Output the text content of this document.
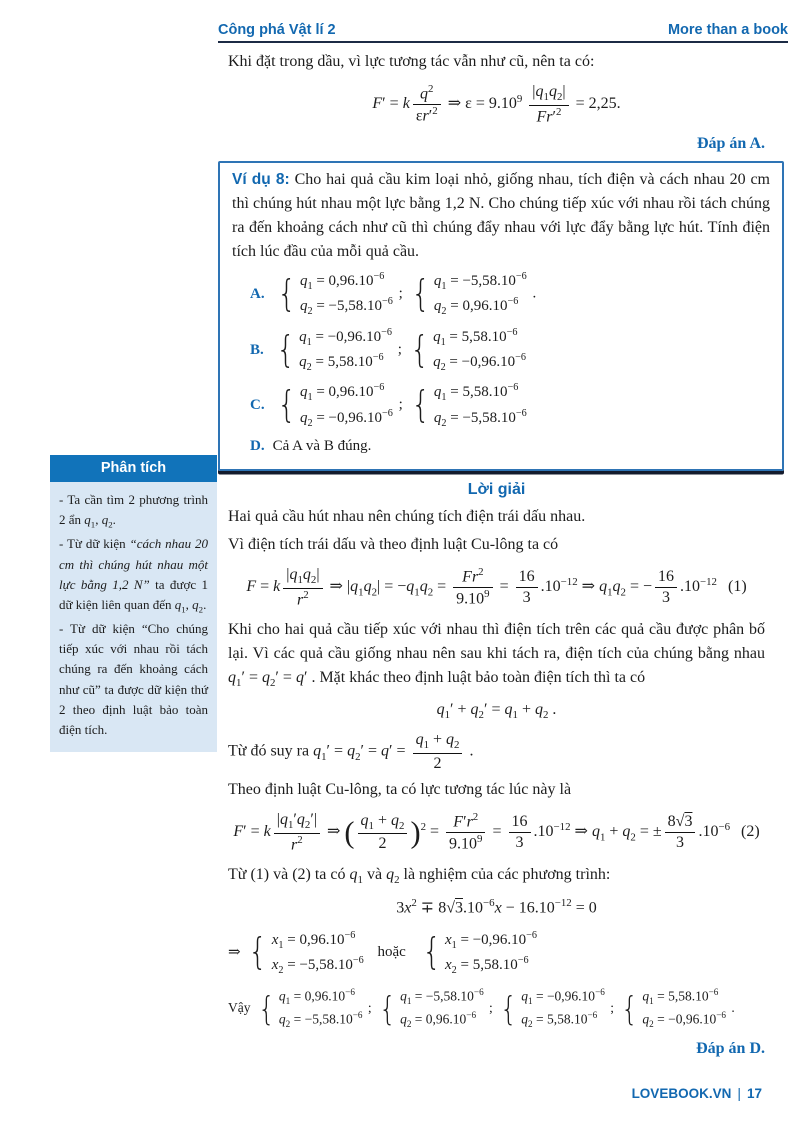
Công phá Vật lí 2	More than a book

Khi đặt trong dầu, vì lực tương tác vẫn như cũ, nên ta có:

F′ = k $\frac{q^2}{\varepsilon r'^2}$ ⇒ $\varepsilon = 9.10^9 \frac{|q_1q_2|}{Fr'^2} = 2,25$.
Đáp án A.

Ví dụ 8: Cho hai quả cầu kim loại nhỏ, giống nhau, tích điện và cách nhau 20 cm thì chúng hút nhau một lực bằng 1,2 N. Cho chúng tiếp xúc với nhau rồi tách chúng ra đến khoảng cách như cũ thì chúng đẩy nhau với lực đẩy bằng lực hút. Tính điện tích lúc đầu của mỗi quả cầu.

A. { $q_1 = 0,96.10^{-6}$
$q_2 = -5,58.10^{-6}$
; { $q_1 = -5,58.10^{-6}$
$q_2 = 0,96.10^{-6}$
.
B. { $q_1 = -0,96.10^{-6}$
$q_2 = 5,58.10^{-6}$
; { $q_1 = 5,58.10^{-6}$
$q_2 = -0,96.10^{-6}$
C. { $q_1 = 0,96.10^{-6}$
$q_2 = -0,96.10^{-6}$
; { $q_1 = 5,58.10^{-6}$
$q_2 = -5,58.10^{-6}$
D. Cả A và B đúng.
Lời giải

Hai quả cầu hút nhau nên chúng tích điện trái dấu nhau.

Vì điện tích trái dấu và theo định luật Cu-lông ta có

F = k $\frac{|q_1q_2|}{r^2}$ ⇒ $|q_1q_2| = -q_1q_2 = \frac{Fr^2}{9.10^9} = \frac{16}{3} .10^{-12}$ ⇒ $q_1q_2$ = − $\frac{16}{3} .10^{-12}$ (1)

Khi cho hai quả cầu tiếp xúc với nhau thì điện tích trên các quả cầu được phân bố lại. Vì các quả cầu giống nhau nên sau khi tách ra, điện tích của chúng bằng nhau $q_1' = q_2' = q'$ . Mặt khác theo định luật bảo toàn điện tích thì ta có

$q_1' + q_2' = q_1 + q_2$ .

Từ đó suy ra $q_1' = q_2' = q' = \frac{q_1 + q_2}{2}$ .

Theo định luật Cu-lông, ta có lực tương tác lúc này là

F′ = k $\frac{|q_1'q_2'|}{r^2}$ ⇒ ( $\frac{q_1 + q_2}{2} )^2 = \frac{F'r^2}{9.10^9} = \frac{16}{3} .10^{-12}$ ⇒ $q_1 + q_2$ = ± $\frac{8√3}{3} .10^{-6}$ (2)

Từ (1) và (2) ta có $q_1$ và $q_2$ là nghiệm của các phương trình:

$3x^2 \mp 8√3.10^{-6}x - 16.10^{-12} = 0$
⇒ { $x_1 = 0,96.10^{-6}$
$x_2 = -5,58.10^{-6}$
hoặc { $x_1 = -0,96.10^{-6}$
$x_2 = 5,58.10^{-6}$
Vậy { $q_1 = 0,96.10^{-6}$
$q_2 = -5,58.10^{-6}$ ; { $q_1 = -5,58.10^{-6}$
$q_2 = 0,96.10^{-6}$ ; { $q_1 = -0,96.10^{-6}$
$q_2 = 5,58.10^{-6}$ ; { $q_1 = 5,58.10^{-6}$
$q_2 = -0,96.10^{-6}$ .
Đáp án D.
Phân tích

- Ta cần tìm 2 phương trình 2 ẩn $q_1$, $q_2$.

- Từ dữ kiện “cách nhau 20 cm thì chúng hút nhau một lực bằng 1,2 N” ta được 1 dữ kiện liên quan đến $q_1$, $q_2$.

- Từ dữ kiện “Cho chúng tiếp xúc với nhau rồi tách chúng ra đến khoảng cách như cũ” ta được dữ kiện thứ 2 theo định luật bảo toàn điện tích.

LOVEBOOK.VN | 17
